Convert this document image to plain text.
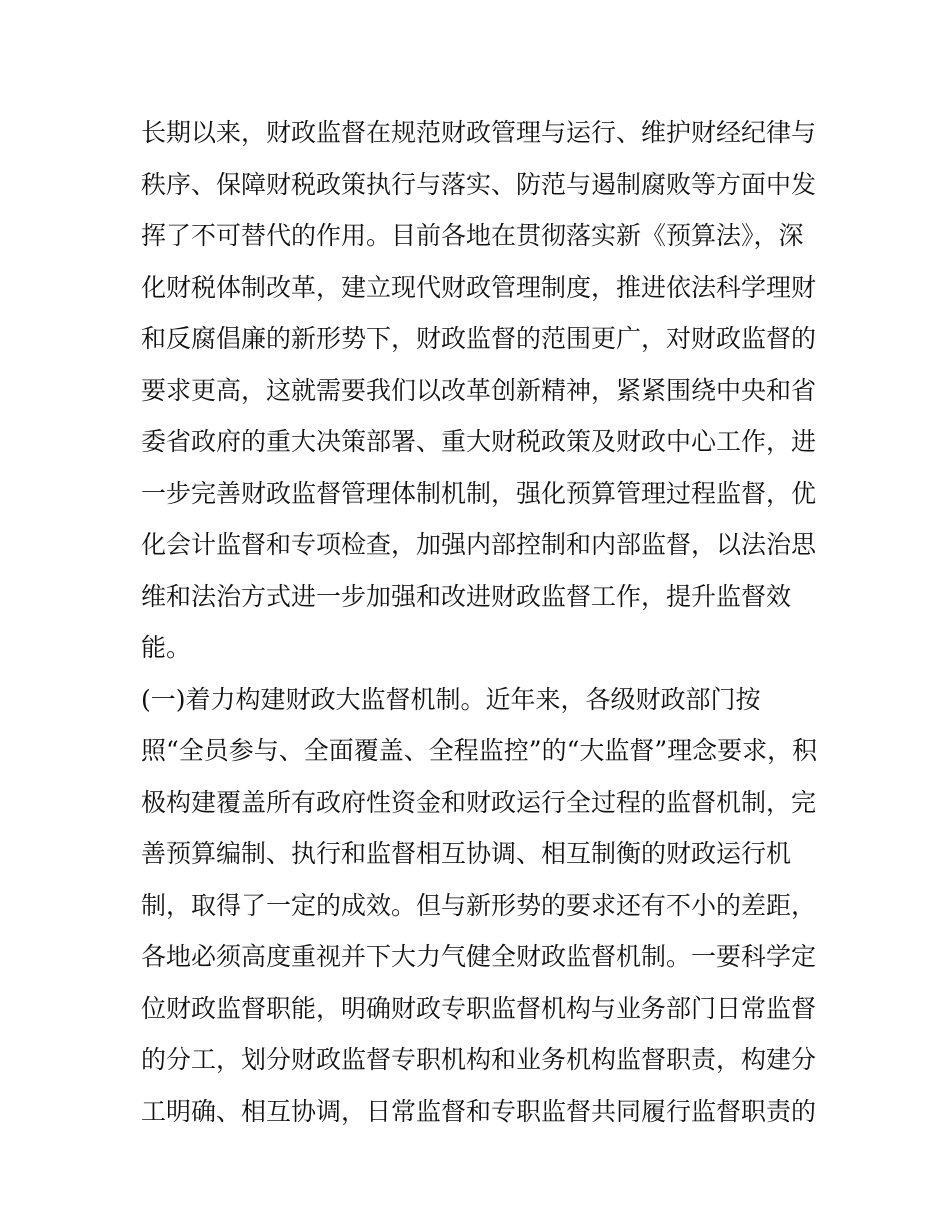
长期以来，财政监督在规范财政管理与运行、维护财经纪律与
秩序、保障财税政策执行与落实、防范与遏制腐败等方面中发
挥了不可替代的作用。目前各地在贯彻落实新《预算法》，深
化财税体制改革，建立现代财政管理制度，推进依法科学理财
和反腐倡廉的新形势下，财政监督的范围更广，对财政监督的
要求更高，这就需要我们以改革创新精神，紧紧围绕中央和省
委省政府的重大决策部署、重大财税政策及财政中心工作，进
一步完善财政监督管理体制机制，强化预算管理过程监督，优
化会计监督和专项检查，加强内部控制和内部监督，以法治思
维和法治方式进一步加强和改进财政监督工作，提升监督效
能。
(一)着力构建财政大监督机制。近年来，各级财政部门按
照“全员参与、全面覆盖、全程监控”的“大监督”理念要求，积
极构建覆盖所有政府性资金和财政运行全过程的监督机制，完
善预算编制、执行和监督相互协调、相互制衡的财政运行机
制，取得了一定的成效。但与新形势的要求还有不小的差距，
各地必须高度重视并下大力气健全财政监督机制。一要科学定
位财政监督职能，明确财政专职监督机构与业务部门日常监督
的分工，划分财政监督专职机构和业务机构监督职责，构建分
工明确、相互协调，日常监督和专职监督共同履行监督职责的
